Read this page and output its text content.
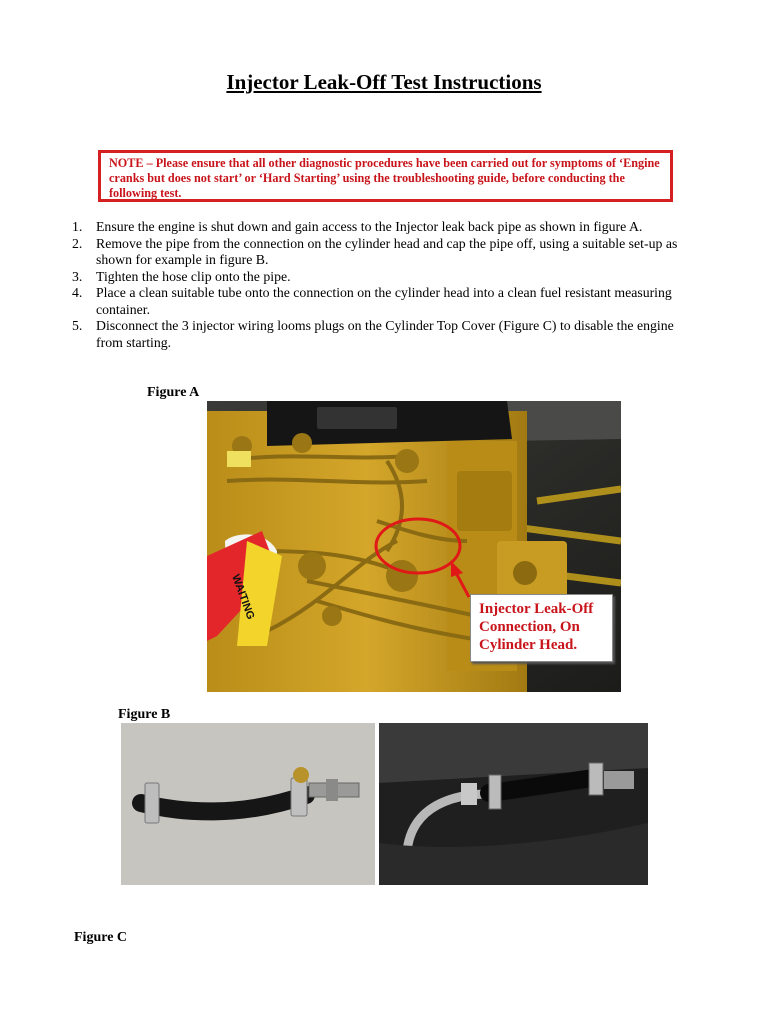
Injector Leak-Off Test Instructions
NOTE – Please ensure that all other diagnostic procedures have been carried out for symptoms of ‘Engine cranks but does not start’ or ‘Hard Starting’ using the troubleshooting guide, before conducting the following test.
1. Ensure the engine is shut down and gain access to the Injector leak back pipe as shown in figure A.
2. Remove the pipe from the connection on the cylinder head and cap the pipe off, using a suitable set-up as shown for example in figure B.
3. Tighten the hose clip onto the pipe.
4. Place a clean suitable tube onto the connection on the cylinder head into a clean fuel resistant measuring container.
5. Disconnect the 3 injector wiring looms plugs on the Cylinder Top Cover (Figure C) to disable the engine from starting.
Figure A
WAITING	Injector Leak-Off Connection, On Cylinder Head.
Figure B
Figure C
